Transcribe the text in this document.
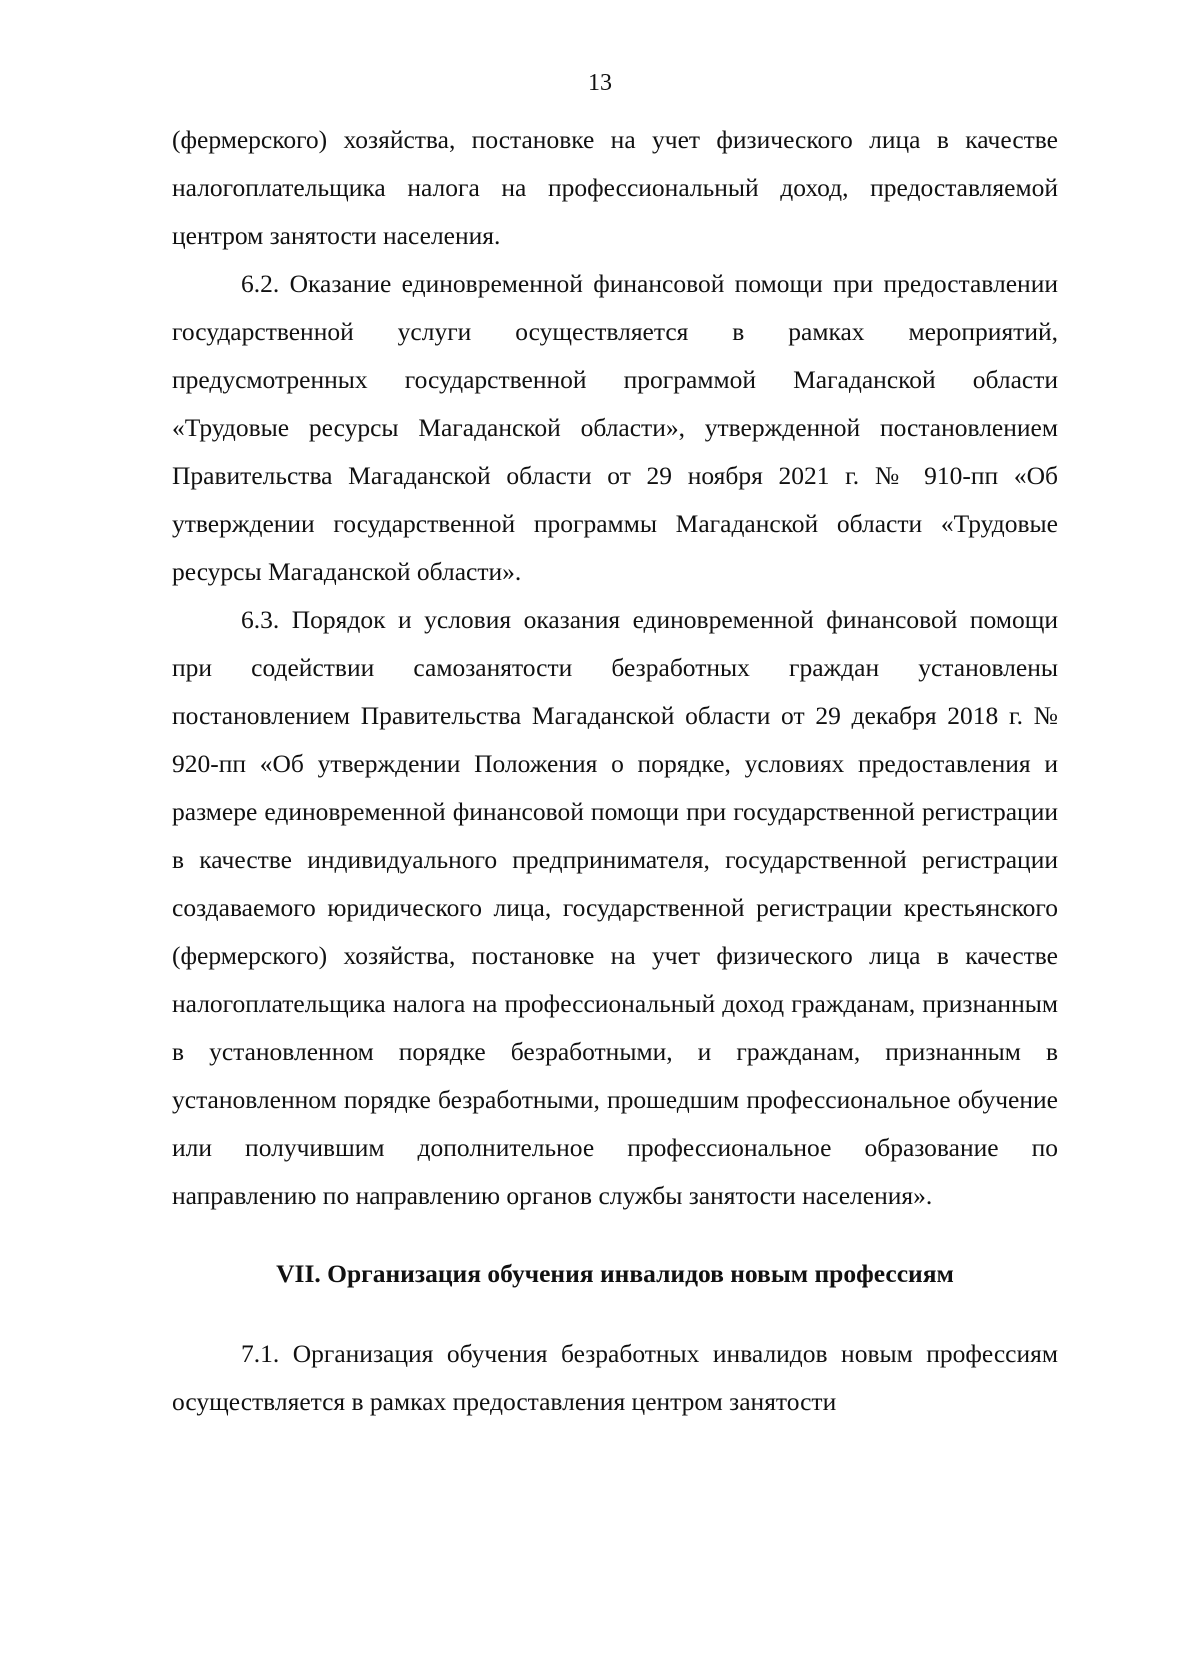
13

(фермерского) хозяйства, постановке на учет физического лица в качестве налогоплательщика налога на профессиональный доход, предоставляемой центром занятости населения.

6.2. Оказание единовременной финансовой помощи при предоставлении государственной услуги осуществляется в рамках мероприятий, предусмотренных государственной программой Магаданской области «Трудовые ресурсы Магаданской области», утвержденной постановлением Правительства Магаданской области от 29 ноября 2021 г. № 910-пп «Об утверждении государственной программы Магаданской области «Трудовые ресурсы Магаданской области».

6.3. Порядок и условия оказания единовременной финансовой помощи при содействии самозанятости безработных граждан установлены постановлением Правительства Магаданской области от 29 декабря 2018 г. № 920-пп «Об утверждении Положения о порядке, условиях предоставления и размере единовременной финансовой помощи при государственной регистрации в качестве индивидуального предпринимателя, государственной регистрации создаваемого юридического лица, государственной регистрации крестьянского (фермерского) хозяйства, постановке на учет физического лица в качестве налогоплательщика налога на профессиональный доход гражданам, признанным в установленном порядке безработными, и гражданам, признанным в установленном порядке безработными, прошедшим профессиональное обучение или получившим дополнительное профессиональное образование по направлению по направлению органов службы занятости населения».

VII. Организация обучения инвалидов новым профессиям

7.1. Организация обучения безработных инвалидов новым профессиям осуществляется в рамках предоставления центром занятости
